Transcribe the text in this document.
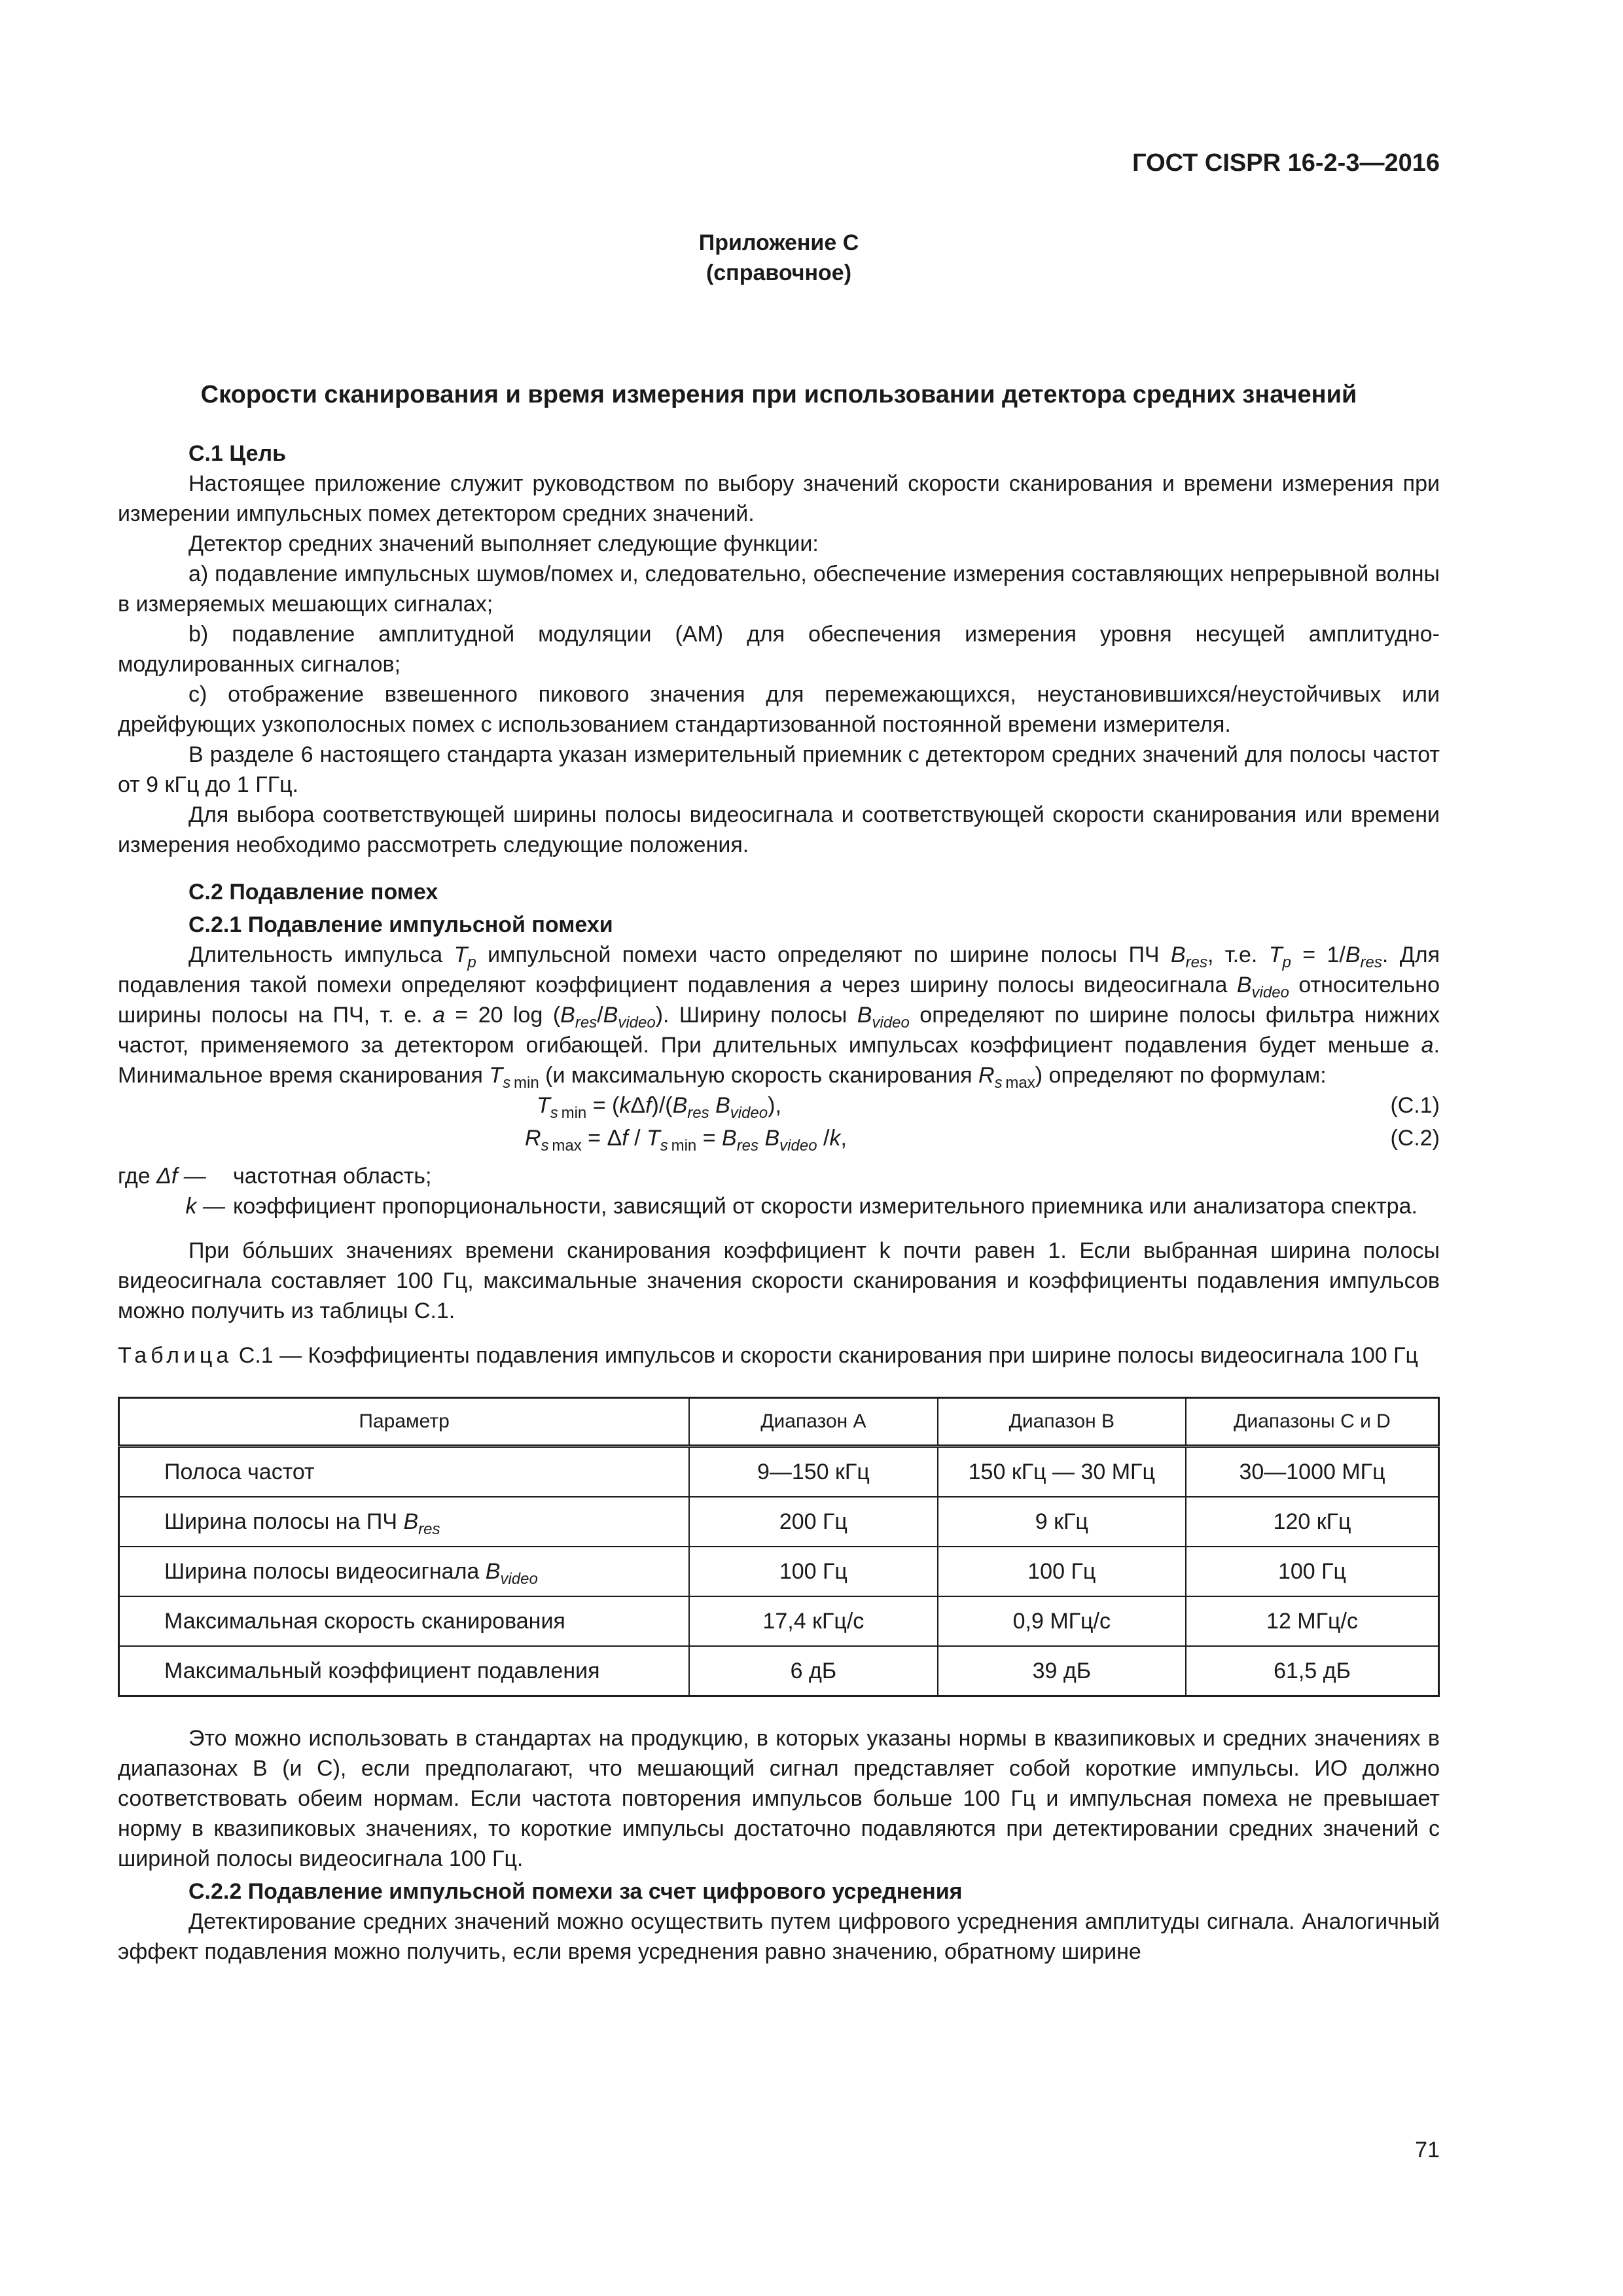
ГОСТ CISPR 16-2-3—2016
Приложение С
(справочное)
Скорости сканирования и время измерения при использовании детектора средних значений

С.1 Цель

Настоящее приложение служит руководством по выбору значений скорости сканирования и времени измерения при измерении импульсных помех детектором средних значений.

Детектор средних значений выполняет следующие функции:

а) подавление импульсных шумов/помех и, следовательно, обеспечение измерения составляющих непрерывной волны в измеряемых мешающих сигналах;

b) подавление амплитудной модуляции (AM) для обеспечения измерения уровня несущей амплитудно-модулированных сигналов;

с) отображение взвешенного пикового значения для перемежающихся, неустановившихся/неустойчивых или дрейфующих узкополосных помех с использованием стандартизованной постоянной времени измерителя.

В разделе 6 настоящего стандарта указан измерительный приемник с детектором средних значений для полосы частот от 9 кГц до 1 ГГц.

Для выбора соответствующей ширины полосы видеосигнала и соответствующей скорости сканирования или времени измерения необходимо рассмотреть следующие положения.

С.2 Подавление помех

С.2.1 Подавление импульсной помехи

Длительность импульса $T_p$ импульсной помехи часто определяют по ширине полосы ПЧ $B_{res}$, т.е. $T_p = 1/B_{res}$. Для подавления такой помехи определяют коэффициент подавления a через ширину полосы видеосигнала $B_{video}$ относительно ширины полосы на ПЧ, т. е. a = 20 $\log (B_{res}/B_{video})$. Ширину полосы $B_{video}$ определяют по ширине полосы фильтра нижних частот, применяемого за детектором огибающей. При длительных импульсах коэффициент подавления будет меньше a. Минимальное время сканирования $T_s$ $_{min}$ (и максимальную скорость сканирования $R_s$ $_{max}$) определяют по формулам:

$T_s$ $_{min} = (k\Delta f)/(B_{res}$ $B_{video}$),	(С.1)
$R_s$ $_{max} = \Delta f / T_s$ $_{min} = B_{res}$ $B_{video}$ /k,	(С.2)
где Δf —	частотная область;
k — коэффициент пропорциональности, зависящий от скорости измерительного приемника или анализатора спектра.

При бóльших значениях времени сканирования коэффициент k почти равен 1. Если выбранная ширина полосы видеосигнала составляет 100 Гц, максимальные значения скорости сканирования и коэффициенты подавления импульсов можно получить из таблицы С.1.

Таблица С.1 — Коэффициенты подавления импульсов и скорости сканирования при ширине полосы видеосигнала 100 Гц

Параметр	Диапазон А	Диапазон В	Диапазоны С и D
Полоса частот	9—150 кГц	150 кГц — 30 МГц	30—1000 МГц
Ширина полосы на ПЧ $B_{res}$	200 Гц	9 кГц	120 кГц
Ширина полосы видеосигнала $B_{video}$	100 Гц	100 Гц	100 Гц
Максимальная скорость сканирования	17,4 кГц/с	0,9 МГц/с	12 МГц/с
Максимальный коэффициент подавления	6 дБ	39 дБ	61,5 дБ

Это можно использовать в стандартах на продукцию, в которых указаны нормы в квазипиковых и средних значениях в диапазонах В (и С), если предполагают, что мешающий сигнал представляет собой короткие импульсы. ИО должно соответствовать обеим нормам. Если частота повторения импульсов больше 100 Гц и импульсная помеха не превышает норму в квазипиковых значениях, то короткие импульсы достаточно подавляются при детектировании средних значений с шириной полосы видеосигнала 100 Гц.

С.2.2 Подавление импульсной помехи за счет цифрового усреднения

Детектирование средних значений можно осуществить путем цифрового усреднения амплитуды сигнала. Аналогичный эффект подавления можно получить, если время усреднения равно значению, обратному ширине

71
